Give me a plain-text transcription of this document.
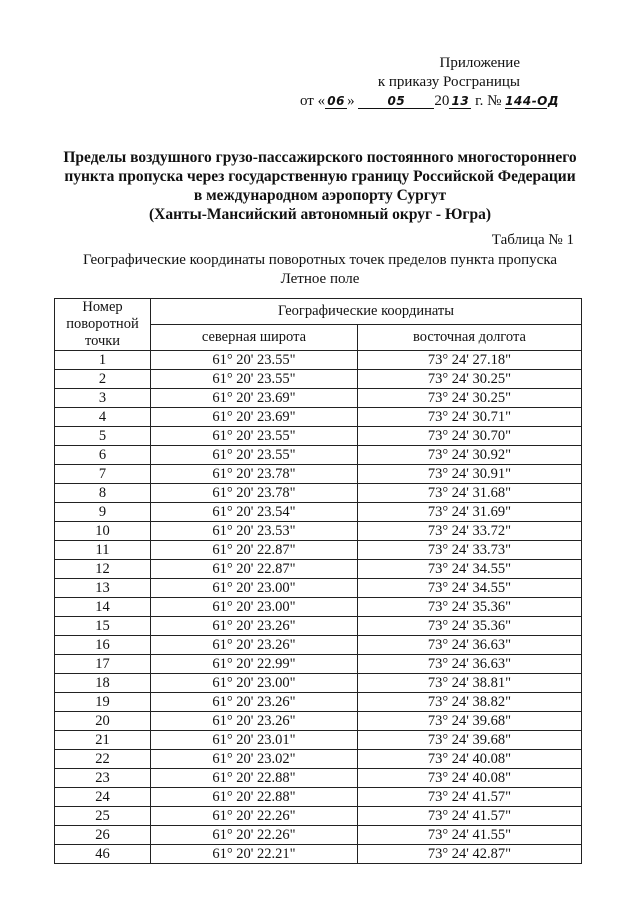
Приложение
к приказу Росграницы
от « 06 »	05 20 13 г. № 144-ОД
Пределы воздушного грузо-пассажирского постоянного многостороннего
пункта пропуска через государственную границу Российской Федерации
в международном аэропорту Сургут
(Ханты-Мансийский автономный округ - Югра)
Таблица № 1
Географические координаты поворотных точек пределов пункта пропуска
Летное поле
Номер поворотной точки	Географические координаты	
	северная широта	восточная долгота
1	61° 20' 23.55"	73° 24' 27.18"
2	61° 20' 23.55"	73° 24' 30.25"
3	61° 20' 23.69"	73° 24' 30.25"
4	61° 20' 23.69"	73° 24' 30.71"
5	61° 20' 23.55"	73° 24' 30.70"
6	61° 20' 23.55"	73° 24' 30.92"
7	61° 20' 23.78"	73° 24' 30.91"
8	61° 20' 23.78"	73° 24' 31.68"
9	61° 20' 23.54"	73° 24' 31.69"
10	61° 20' 23.53"	73° 24' 33.72"
11	61° 20' 22.87"	73° 24' 33.73"
12	61° 20' 22.87"	73° 24' 34.55"
13	61° 20' 23.00"	73° 24' 34.55"
14	61° 20' 23.00"	73° 24' 35.36"
15	61° 20' 23.26"	73° 24' 35.36"
16	61° 20' 23.26"	73° 24' 36.63"
17	61° 20' 22.99"	73° 24' 36.63"
18	61° 20' 23.00"	73° 24' 38.81"
19	61° 20' 23.26"	73° 24' 38.82"
20	61° 20' 23.26"	73° 24' 39.68"
21	61° 20' 23.01"	73° 24' 39.68"
22	61° 20' 23.02"	73° 24' 40.08"
23	61° 20' 22.88"	73° 24' 40.08"
24	61° 20' 22.88"	73° 24' 41.57"
25	61° 20' 22.26"	73° 24' 41.57"
26	61° 20' 22.26"	73° 24' 41.55"
46	61° 20' 22.21"	73° 24' 42.87"
